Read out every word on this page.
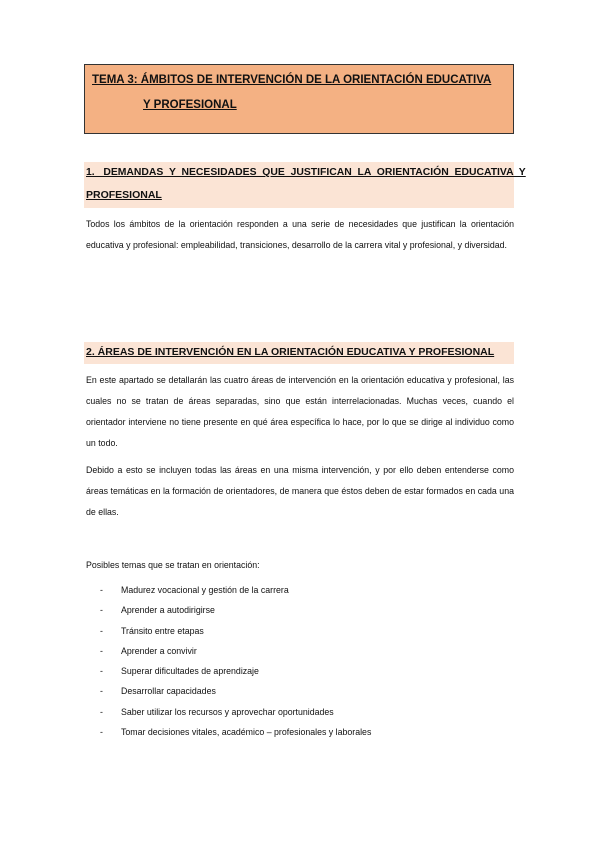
TEMA 3: ÁMBITOS DE INTERVENCIÓN DE LA ORIENTACIÓN EDUCATIVA
Y PROFESIONAL
1.   DEMANDAS  Y  NECESIDADES  QUE  JUSTIFICAN  LA  ORIENTACIÓN  EDUCATIVA  Y
PROFESIONAL
Todos los ámbitos de la orientación responden a una serie de necesidades que justifican la orientación educativa y profesional: empleabilidad, transiciones, desarrollo de la carrera vital y profesional, y diversidad.
2. ÁREAS DE INTERVENCIÓN EN LA ORIENTACIÓN EDUCATIVA Y PROFESIONAL
En este apartado se detallarán las cuatro áreas de intervención en la orientación educativa y profesional, las cuales no se tratan de áreas separadas, sino que están interrelacionadas. Muchas veces, cuando el orientador interviene no tiene presente en qué área específica lo hace, por lo que se dirige al individuo como un todo.
Debido a esto se incluyen todas las áreas en una misma intervención, y por ello deben entenderse como áreas temáticas en la formación de orientadores, de manera que éstos deben de estar formados en cada una de ellas.
Posibles temas que se tratan en orientación:
- Madurez vocacional y gestión de la carrera
- Aprender a autodirigirse
- Tránsito entre etapas
- Aprender a convivir
- Superar dificultades de aprendizaje
- Desarrollar capacidades
- Saber utilizar los recursos y aprovechar oportunidades
- Tomar decisiones vitales, académico – profesionales y laborales
